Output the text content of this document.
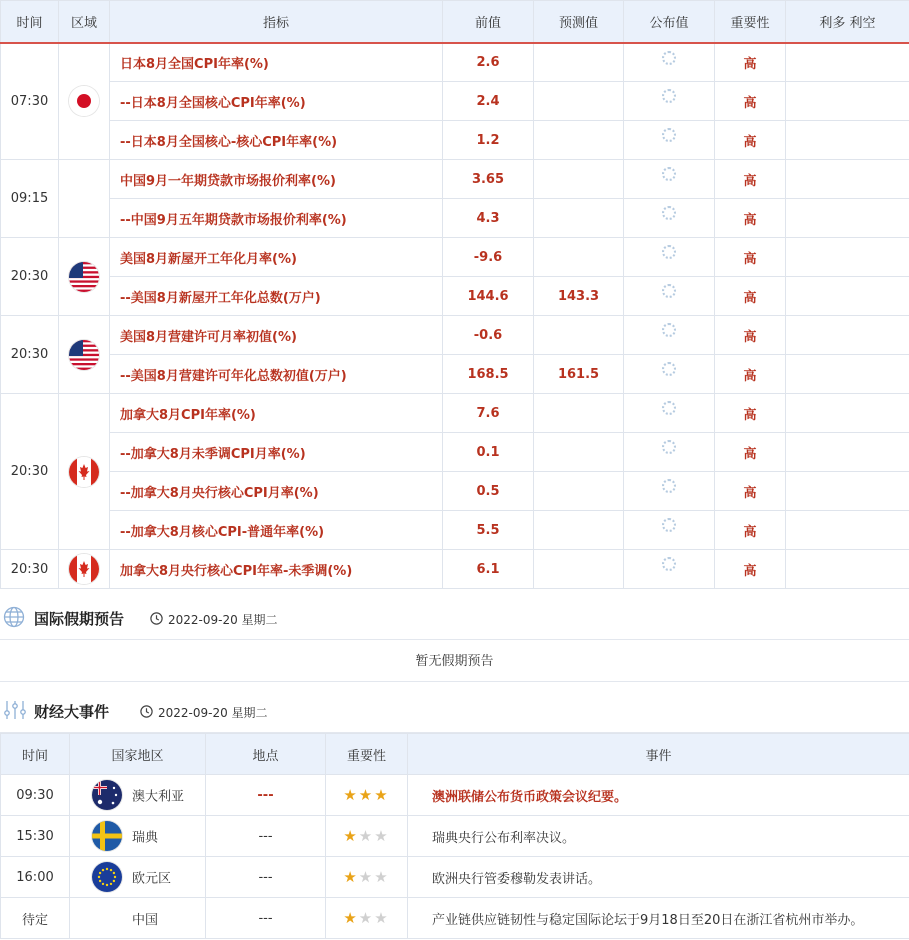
时间	区域	指标	前值	预测值	公布值	重要性	利多 利空
07:30		日本8月全国CPI年率(%)	2.6			高	
		--日本8月全国核心CPI年率(%)	2.4			高	
		--日本8月全国核心-核心CPI年率(%)	1.2			高	
09:15		中国9月一年期贷款市场报价利率(%)	3.65			高	
		--中国9月五年期贷款市场报价利率(%)	4.3			高	
20:30		美国8月新屋开工年化月率(%)	-9.6			高	
		--美国8月新屋开工年化总数(万户)	144.6	143.3		高	
20:30		美国8月营建许可月率初值(%)	-0.6			高	
		--美国8月营建许可年化总数初值(万户)	168.5	161.5		高	
20:30		加拿大8月CPI年率(%)	7.6			高	
		--加拿大8月未季调CPI月率(%)	0.1			高	
		--加拿大8月央行核心CPI月率(%)	0.5			高	
		--加拿大8月核心CPI-普通年率(%)	5.5			高	
20:30		加拿大8月央行核心CPI年率-未季调(%)	6.1			高	
国际假期预告	2022-09-20 星期二
暂无假期预告
财经大事件	2022-09-20 星期二
时间	国家地区	地点	重要性	事件
09:30	澳大利亚	---	★★★	澳洲联储公布货币政策会议纪要。
15:30	瑞典	---	★★★	瑞典央行公布利率决议。
16:00	欧元区	---	★★★	欧洲央行管委穆勒发表讲话。
待定	中国	---	★★★	产业链供应链韧性与稳定国际论坛于9月18日至20日在浙江省杭州市举办。
